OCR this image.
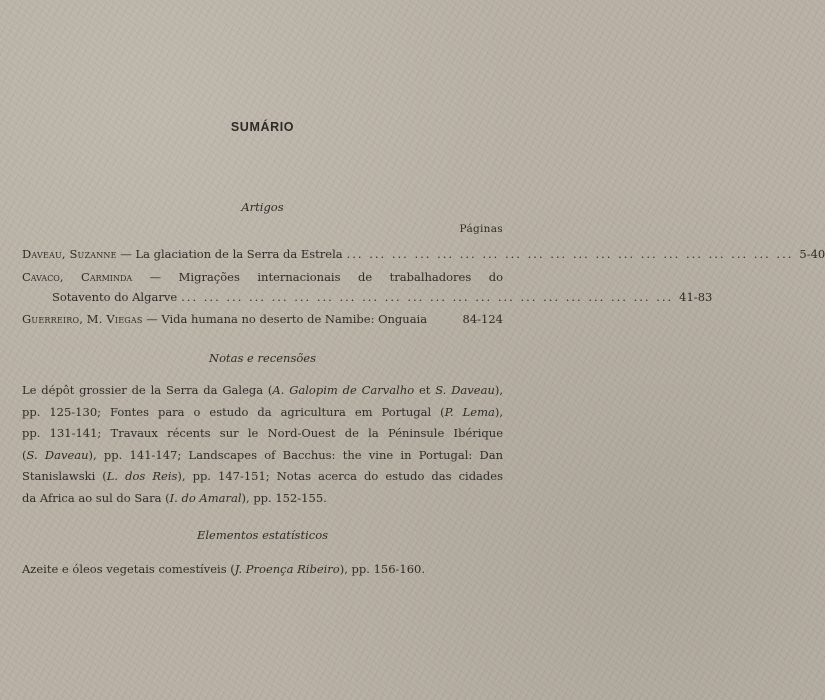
SUMÁRIO
Artigos
Páginas
Daveau,
Suzanne — La glaciation de la Serra da Estrela ... ... ... ... ... ... ... ... ... ... ... ... ... ... ... ... ... ... ... ... 5-40
Cavaco, Carminda — Migrações internacionais de trabalhadores do
Sotavento do Algarve ... ... ... ... ... ... ... ... ... ... ... ... ... ... ... ... ... ... ... ... ... ... 41-83
Guerreiro,
M. Viegas — Vida humana no deserto de Namibe: Onguaia	84-124
Notas e recensões
Le dépôt grossier de la Serra da Galega (A. Galopim de Carvalho et S. Daveau),
pp. 125-130; Fontes para o estudo da agricultura em Portugal (P. Lema),
pp. 131-141; Travaux récents sur le Nord-Ouest de la Péninsule Ibérique
(S. Daveau), pp. 141-147; Landscapes of Bacchus: the vine in Portugal: Dan
Stanislawski (L. dos Reis), pp. 147-151; Notas acerca do estudo das cidades
da Africa ao sul do Sara (I. do Amaral), pp. 152-155.
Elementos estatísticos
Azeite e óleos vegetais comestíveis (J. Proença Ribeiro), pp. 156-160.
